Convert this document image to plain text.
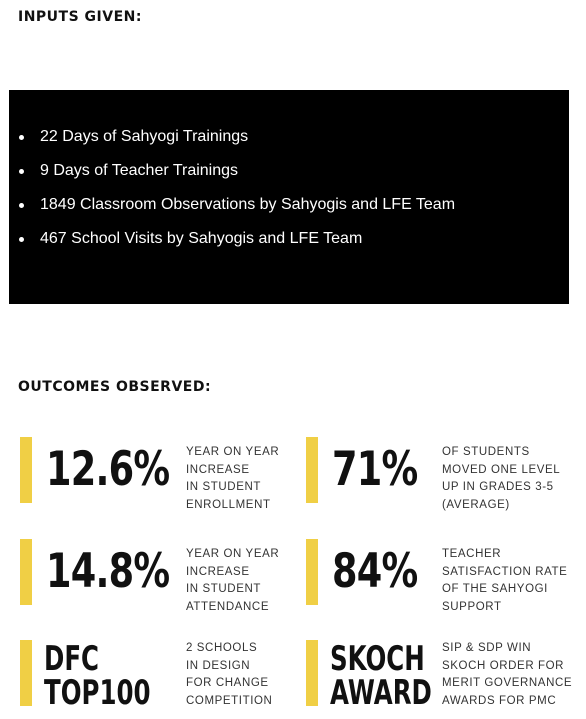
INPUTS GIVEN:
22 Days of Sahyogi Trainings
9 Days of Teacher Trainings
1849 Classroom Observations by Sahyogis and LFE Team
467 School Visits by Sahyogis and LFE Team
OUTCOMES OBSERVED:
12.6% YEAR ON YEAR
INCREASE
IN STUDENT
ENROLLMENT
71% OF STUDENTS
MOVED ONE LEVEL
UP IN GRADES 3-5
(AVERAGE)
14.8% YEAR ON YEAR
INCREASE
IN STUDENT
ATTENDANCE
84% TEACHER
SATISFACTION RATE
OF THE SAHYOGI
SUPPORT
DFC
TOP100
2 SCHOOLS
IN DESIGN
FOR CHANGE
COMPETITION
SKOCH
AWARD
SIP & SDP WIN
SKOCH ORDER FOR
MERIT GOVERNANCE
AWARDS FOR PMC
